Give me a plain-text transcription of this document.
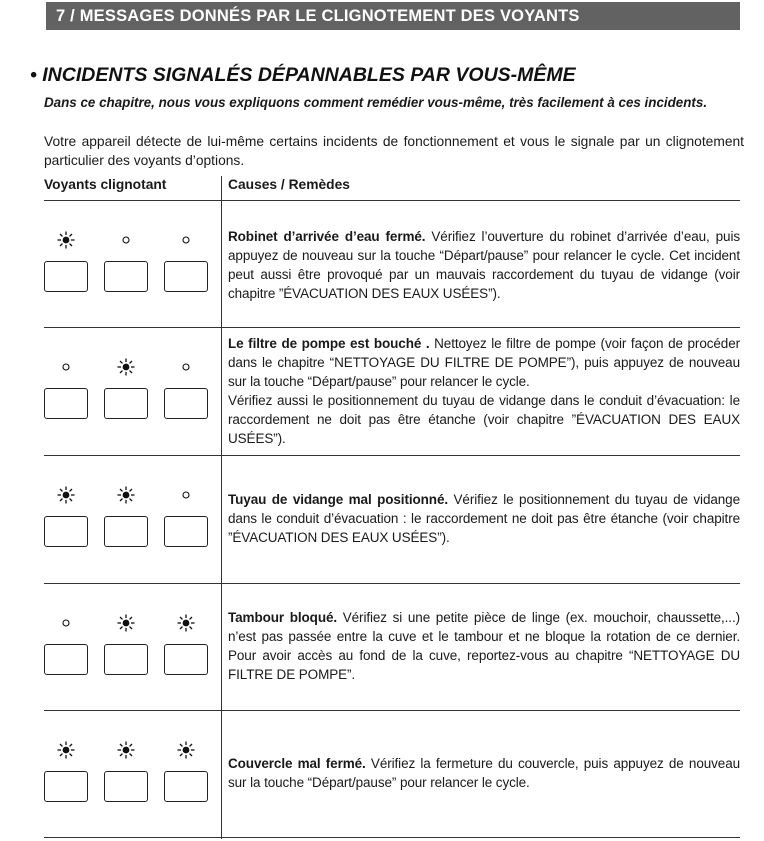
7 / MESSAGES DONNÉS PAR LE CLIGNOTEMENT DES VOYANTS
• INCIDENTS SIGNALÉS DÉPANNABLES PAR VOUS-MÊME
Dans ce chapitre, nous vous expliquons comment remédier vous-même, très facilement à ces incidents.
Votre appareil détecte de lui-même certains incidents de fonctionnement et vous le signale par un clignotement particulier des voyants d’options.
Voyants clignotant	Causes / Remèdes
Robinet d’arrivée d’eau fermé. Vérifiez l’ouverture du robinet d’arrivée d’eau, puis appuyez de nouveau sur la touche “Départ/pause” pour relancer le cycle. Cet incident peut aussi être provoqué par un mauvais raccordement du tuyau de vidange (voir chapitre ”ÉVACUATION DES EAUX USÉES”).
Le filtre de pompe est bouché . Nettoyez le filtre de pompe (voir façon de procéder dans le chapitre “NETTOYAGE DU FILTRE DE POMPE”), puis appuyez de nouveau sur la touche “Départ/pause” pour relancer le cycle.
Vérifiez aussi le positionnement du tuyau de vidange dans le conduit d’évacuation: le raccordement ne doit pas être étanche (voir chapitre ”ÉVACUATION DES EAUX USÉES”).
Tuyau de vidange mal positionné. Vérifiez le positionnement du tuyau de vidange dans le conduit d’évacuation : le raccordement ne doit pas être étanche (voir chapitre ”ÉVACUATION DES EAUX USÉES”).
Tambour bloqué. Vérifiez si une petite pièce de linge (ex. mouchoir, chaussette,...) n’est pas passée entre la cuve et le tambour et ne bloque la rotation de ce dernier. Pour avoir accès au fond de la cuve, reportez-vous au chapitre “NETTOYAGE DU FILTRE DE POMPE”.
Couvercle mal fermé. Vérifiez la fermeture du couvercle, puis appuyez de nouveau sur la touche “Départ/pause” pour relancer le cycle.
